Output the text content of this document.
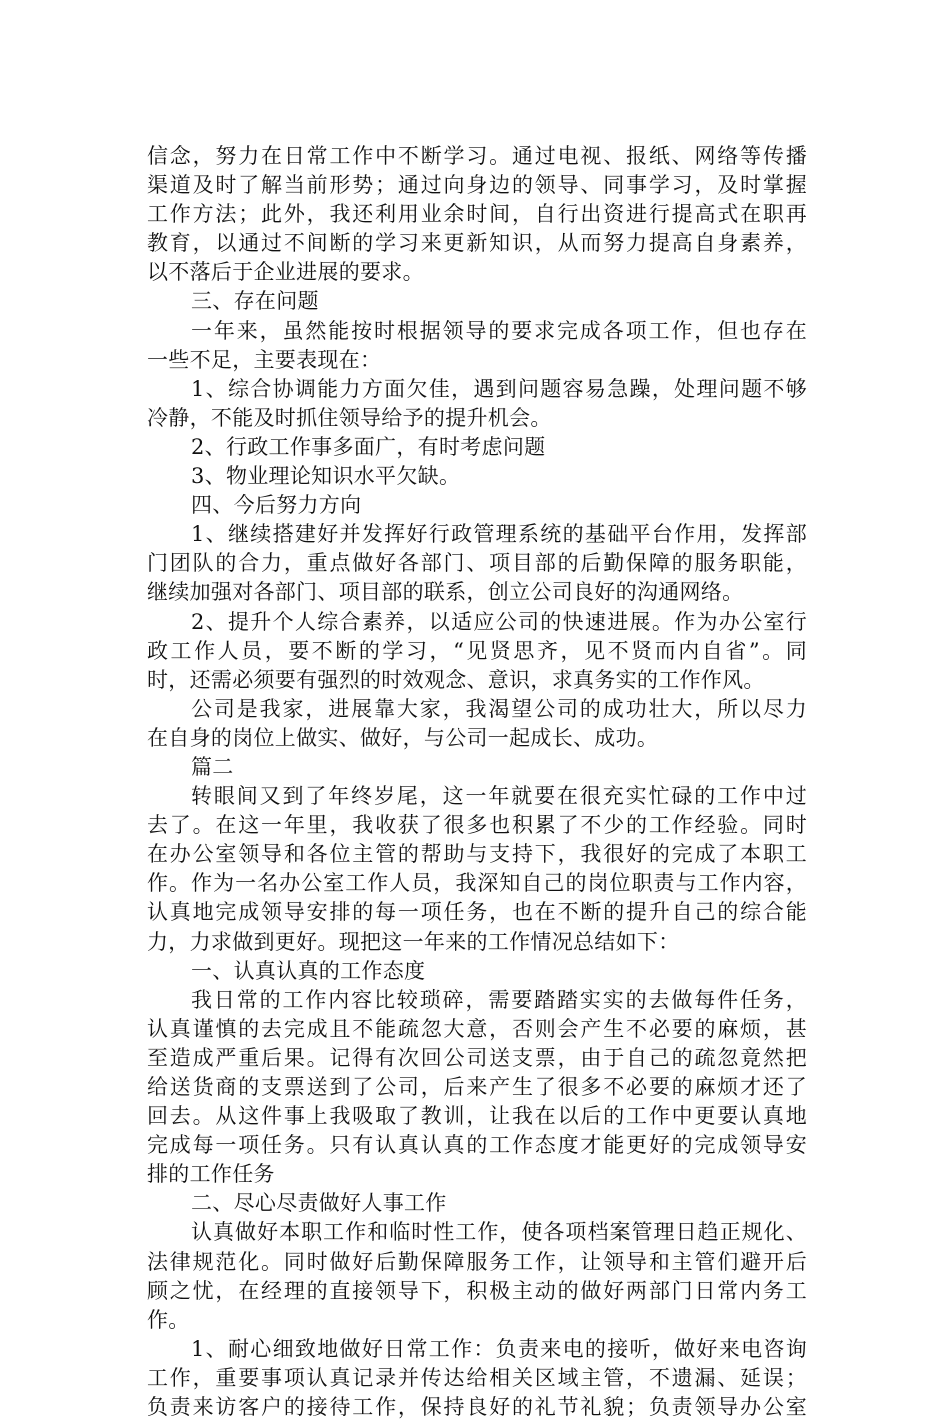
信念，努力在日常工作中不断学习。通过电视、报纸、网络等传播
渠道及时了解当前形势；通过向身边的领导、同事学习，及时掌握
工作方法；此外，我还利用业余时间，自行出资进行提高式在职再
教育，以通过不间断的学习来更新知识，从而努力提高自身素养，
以不落后于企业进展的要求。
三、存在问题
一年来，虽然能按时根据领导的要求完成各项工作，但也存在
一些不足，主要表现在：
1、综合协调能力方面欠佳，遇到问题容易急躁，处理问题不够
冷静，不能及时抓住领导给予的提升机会。
2、行政工作事多面广，有时考虑问题
3、物业理论知识水平欠缺。
四、今后努力方向
1、继续搭建好并发挥好行政管理系统的基础平台作用，发挥部
门团队的合力，重点做好各部门、项目部的后勤保障的服务职能，
继续加强对各部门、项目部的联系，创立公司良好的沟通网络。
2、提升个人综合素养，以适应公司的快速进展。作为办公室行
政工作人员，要不断的学习，“见贤思齐，见不贤而内自省”。同
时，还需必须要有强烈的时效观念、意识，求真务实的工作作风。
公司是我家，进展靠大家，我渴望公司的成功壮大，所以尽力
在自身的岗位上做实、做好，与公司一起成长、成功。
篇二
转眼间又到了年终岁尾，这一年就要在很充实忙碌的工作中过
去了。在这一年里，我收获了很多也积累了不少的工作经验。同时
在办公室领导和各位主管的帮助与支持下，我很好的完成了本职工
作。作为一名办公室工作人员，我深知自己的岗位职责与工作内容，
认真地完成领导安排的每一项任务，也在不断的提升自己的综合能
力，力求做到更好。现把这一年来的工作情况总结如下：
一、认真认真的工作态度
我日常的工作内容比较琐碎，需要踏踏实实的去做每件任务，
认真谨慎的去完成且不能疏忽大意，否则会产生不必要的麻烦，甚
至造成严重后果。记得有次回公司送支票，由于自己的疏忽竟然把
给送货商的支票送到了公司，后来产生了很多不必要的麻烦才还了
回去。从这件事上我吸取了教训，让我在以后的工作中更要认真地
完成每一项任务。只有认真认真的工作态度才能更好的完成领导安
排的工作任务
二、尽心尽责做好人事工作
认真做好本职工作和临时性工作，使各项档案管理日趋正规化、
法律规范化。同时做好后勤保障服务工作，让领导和主管们避开后
顾之忧，在经理的直接领导下，积极主动的做好两部门日常内务工
作。
1、耐心细致地做好日常工作：负责来电的接听，做好来电咨询
工作，重要事项认真记录并传达给相关区域主管，不遗漏、延误；
负责来访客户的接待工作，保持良好的礼节礼貌；负责领导办公室
